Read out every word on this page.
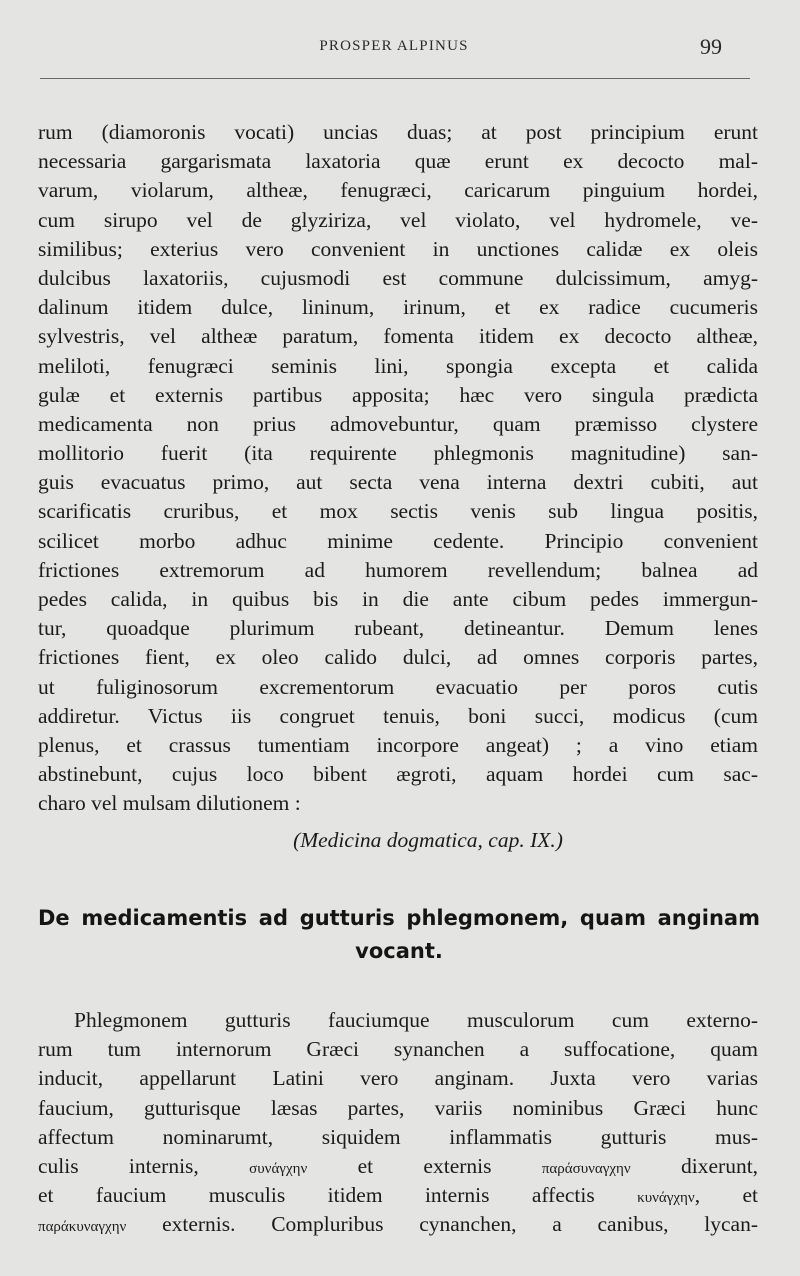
PROSPER ALPINUS	99
rum (diamoronis vocati) uncias duas; at post principium erunt
necessaria gargarismata laxatoria quæ erunt ex decocto mal-
varum, violarum, altheæ, fenugræci, caricarum pinguium hordei,
cum sirupo vel de glyziriza, vel violato, vel hydromele, ve-
similibus; exterius vero convenient in unctiones calidæ ex oleis
dulcibus laxatoriis, cujusmodi est commune dulcissimum, amyg-
dalinum itidem dulce, lininum, irinum, et ex radice cucumeris
sylvestris, vel altheæ paratum, fomenta itidem ex decocto altheæ,
meliloti, fenugræci seminis lini, spongia excepta et calida
gulæ et externis partibus apposita; hæc vero singula prædicta
medicamenta non prius admovebuntur, quam præmisso clystere
mollitorio fuerit (ita requirente phlegmonis magnitudine) san-
guis evacuatus primo, aut secta vena interna dextri cubiti, aut
scarificatis cruribus, et mox sectis venis sub lingua positis,
scilicet morbo adhuc minime cedente. Principio convenient
frictiones extremorum ad humorem revellendum; balnea ad
pedes calida, in quibus bis in die ante cibum pedes immergun-
tur, quoadque plurimum rubeant, detineantur. Demum lenes
frictiones fient, ex oleo calido dulci, ad omnes corporis partes,
ut fuliginosorum excrementorum evacuatio per poros cutis
addiretur. Victus iis congruet tenuis, boni succi, modicus (cum
plenus, et crassus tumentiam incorpore angeat) ; a vino etiam
abstinebunt, cujus loco bibent ægroti, aquam hordei cum sac-
charo vel mulsam dilutionem :
(Medicina dogmatica, cap. IX.)
De medicamentis ad gutturis phlegmonem, quam anginam
vocant.
Phlegmonem gutturis fauciumque musculorum cum externo-
rum tum internorum Græci synanchen a suffocatione, quam
inducit, appellarunt Latini vero anginam. Juxta vero varias
faucium, gutturisque læsas partes, variis nominibus Græci hunc
affectum nominarumt, siquidem inflammatis gutturis mus-
culis internis,	συνάγχην et externis	παράσυναγχην dixerunt,
et faucium musculis itidem internis affectis	κυνάγχην, et
παράκυναγχην externis. Compluribus cynanchen, a canibus, lycan-
